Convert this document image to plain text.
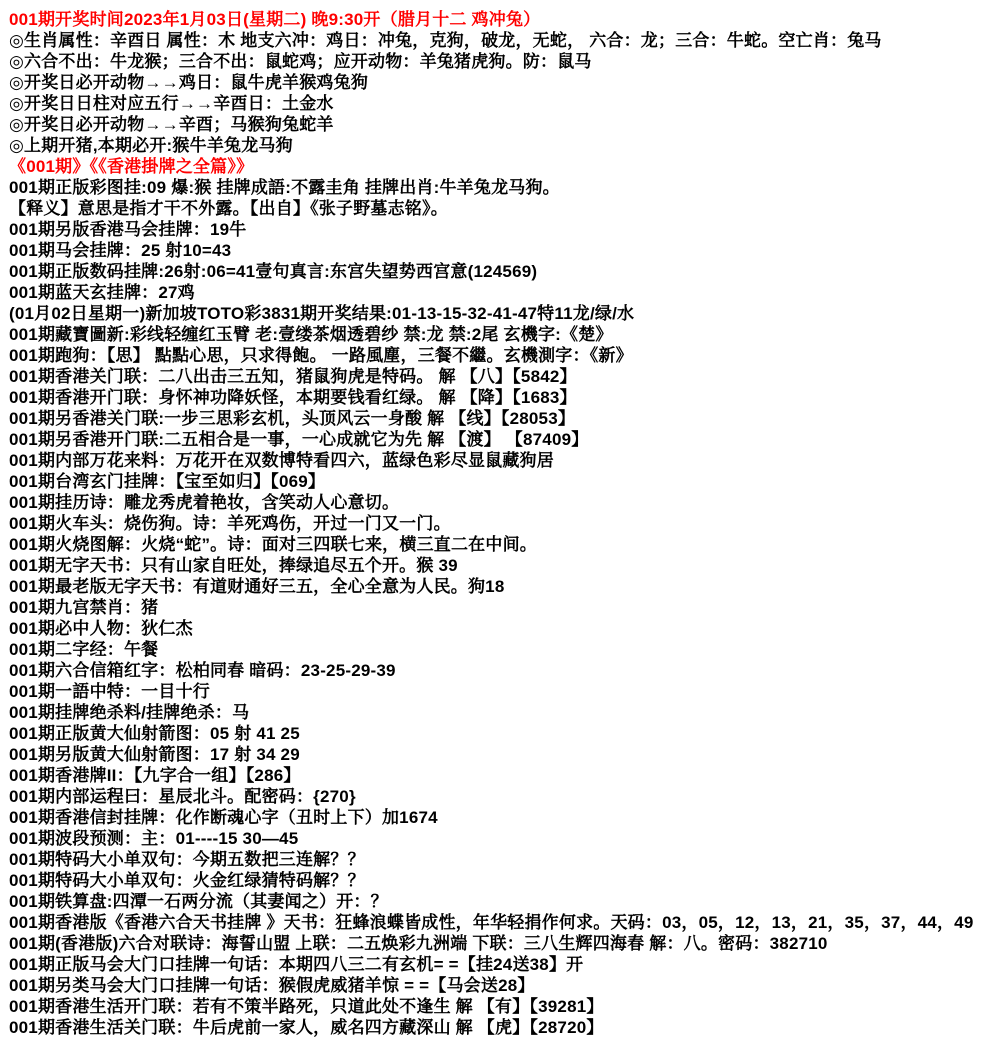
001期开奖时间2023年1月03日(星期二) 晚9:30开（腊月十二 鸡冲兔）
◎生肖属性：辛酉日 属性：木 地支六冲：鸡日：冲兔，克狗，破龙，无蛇， 六合：龙；三合：牛蛇。空亡肖：兔马
◎六合不出：牛龙猴；三合不出：鼠蛇鸡；应开动物：羊兔猪虎狗。防：鼠马
◎开奖日必开动物→→鸡日：鼠牛虎羊猴鸡兔狗
◎开奖日日柱对应五行→→辛酉日：土金水
◎开奖日必开动物→→辛酉；马猴狗兔蛇羊
◎上期开猪,本期必开:猴牛羊兔龙马狗
《001期》《《香港掛牌之全篇》》
001期正版彩图挂:09 爆:猴 挂牌成語:不露圭角 挂牌出肖:牛羊兔龙马狗。
【释义】意思是指才干不外露。【出自】《张子野墓志铭》。
001期另版香港马会挂牌：19牛
001期马会挂牌：25 射10=43
001期正版数码挂牌:26射:06=41壹句真言:东宫失望势西宫意(124569)
001期蓝天玄挂牌：27鸡
(01月02日星期一)新加坡TOTO彩3831期开奖结果:01-13-15-32-41-47特11龙/绿/水
001期藏寶圖新:彩线轻缠红玉臂 老:壹缕茶烟透碧纱 禁:龙 禁:2尾 玄機字:《楚》
001期跑狗：【思】 點點心思，只求得飽。 一路風塵，三餐不繼。玄機測字：《新》
001期香港关门联：二八出击三五知，猪鼠狗虎是特码。 解 【八】【5842】
001期香港开门联：身怀神功降妖怪，本期要钱看红绿。 解 【降】【1683】
001期另香港关门联:一步三思彩玄机，头顶风云一身酸 解 【线】【28053】
001期另香港开门联:二五相合是一事，一心成就它为先 解 【渡】 【87409】
001期内部万花来料：万花开在双数博特看四六，蓝绿色彩尽显鼠藏狗居
001期台湾玄门挂牌：【宝至如归】【069】
001期挂历诗：雕龙秀虎着艳妆，含笑动人心意切。
001期火车头：烧伤狗。诗：羊死鸡伤，开过一门又一门。
001期火烧图解：火烧“蛇”。诗：面对三四联七来，横三直二在中间。
001期无字天书：只有山家自旺处，捧绿追尽五个开。猴 39
001期最老版无字天书：有道财通好三五，全心全意为人民。狗18
001期九宫禁肖：猪
001期必中人物：狄仁杰
001期二字经：午餐
001期六合信箱红字：松柏同春 暗码：23-25-29-39
001期一語中特：一目十行
001期挂牌绝杀料/挂牌绝杀：马
001期正版黄大仙射箭图：05 射 41 25
001期另版黄大仙射箭图：17 射 34 29
001期香港牌II：【九字合一组】【286】
001期内部运程曰：星辰北斗。配密码：{270}
001期香港信封挂牌：化作断魂心字（丑时上下）加1674
001期波段预测：主：01----15 30—45
001期特码大小单双句：今期五数把三连解？？
001期特码大小单双句：火金红绿猜特码解？？
001期铁算盘:四潭一石两分流（其妻闻之）开：？
001期香港版《香港六合天书挂牌 》天书：狂蜂浪蝶皆成性，年华轻捐作何求。天码：03，05，12，13，21，35，37，44，49
001期(香港版)六合对联诗：海誓山盟 上联：二五焕彩九洲端 下联：三八生辉四海春 解：八。密码：382710
001期正版马会大门口挂牌一句话：本期四八三二有玄机= =【挂24送38】开
001期另类马会大门口挂牌一句话：猴假虎威猪羊惊 = =【马会送28】
001期香港生活开门联：若有不策半路死，只道此处不逢生 解 【有】【39281】
001期香港生活关门联：牛后虎前一家人，威名四方藏深山 解 【虎】【28720】
